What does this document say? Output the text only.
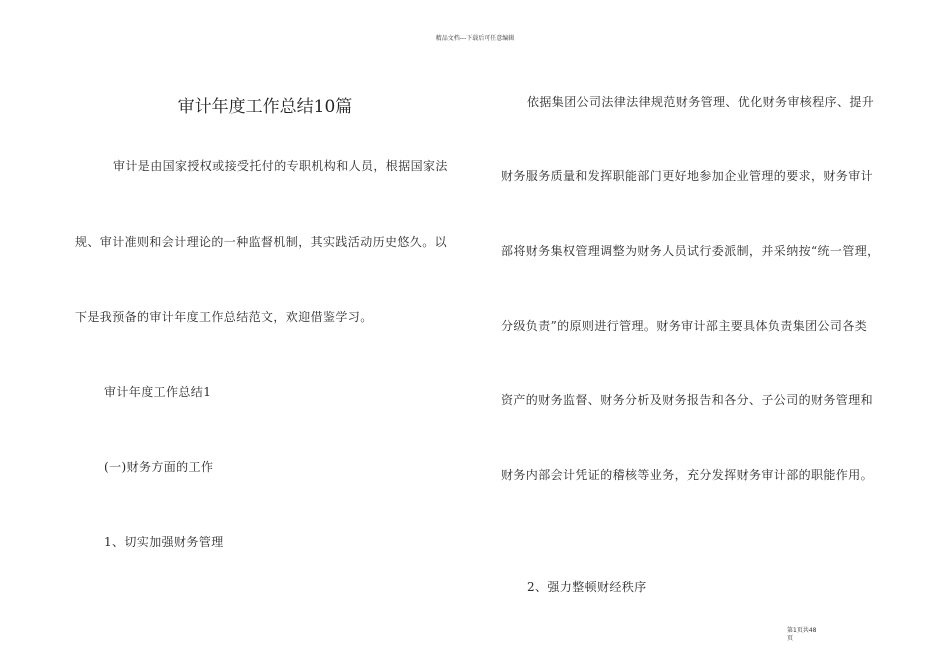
精品文档---下载后可任意编辑
审计年度工作总结10篇
审计是由国家授权或接受托付的专职机构和人员，根据国家法
规、审计准则和会计理论的一种监督机制，其实践活动历史悠久。以
下是我预备的审计年度工作总结范文，欢迎借鉴学习。
审计年度工作总结1
(一)财务方面的工作
1、切实加强财务管理
依据集团公司法律法律规范财务管理、优化财务审核程序、提升
财务服务质量和发挥职能部门更好地参加企业管理的要求，财务审计
部将财务集权管理调整为财务人员试行委派制，并采纳按“统一管理，
分级负责”的原则进行管理。财务审计部主要具体负责集团公司各类
资产的财务监督、财务分析及财务报告和各分、子公司的财务管理和
财务内部会计凭证的稽核等业务，充分发挥财务审计部的职能作用。
2、强力整顿财经秩序
第1页共48
页
